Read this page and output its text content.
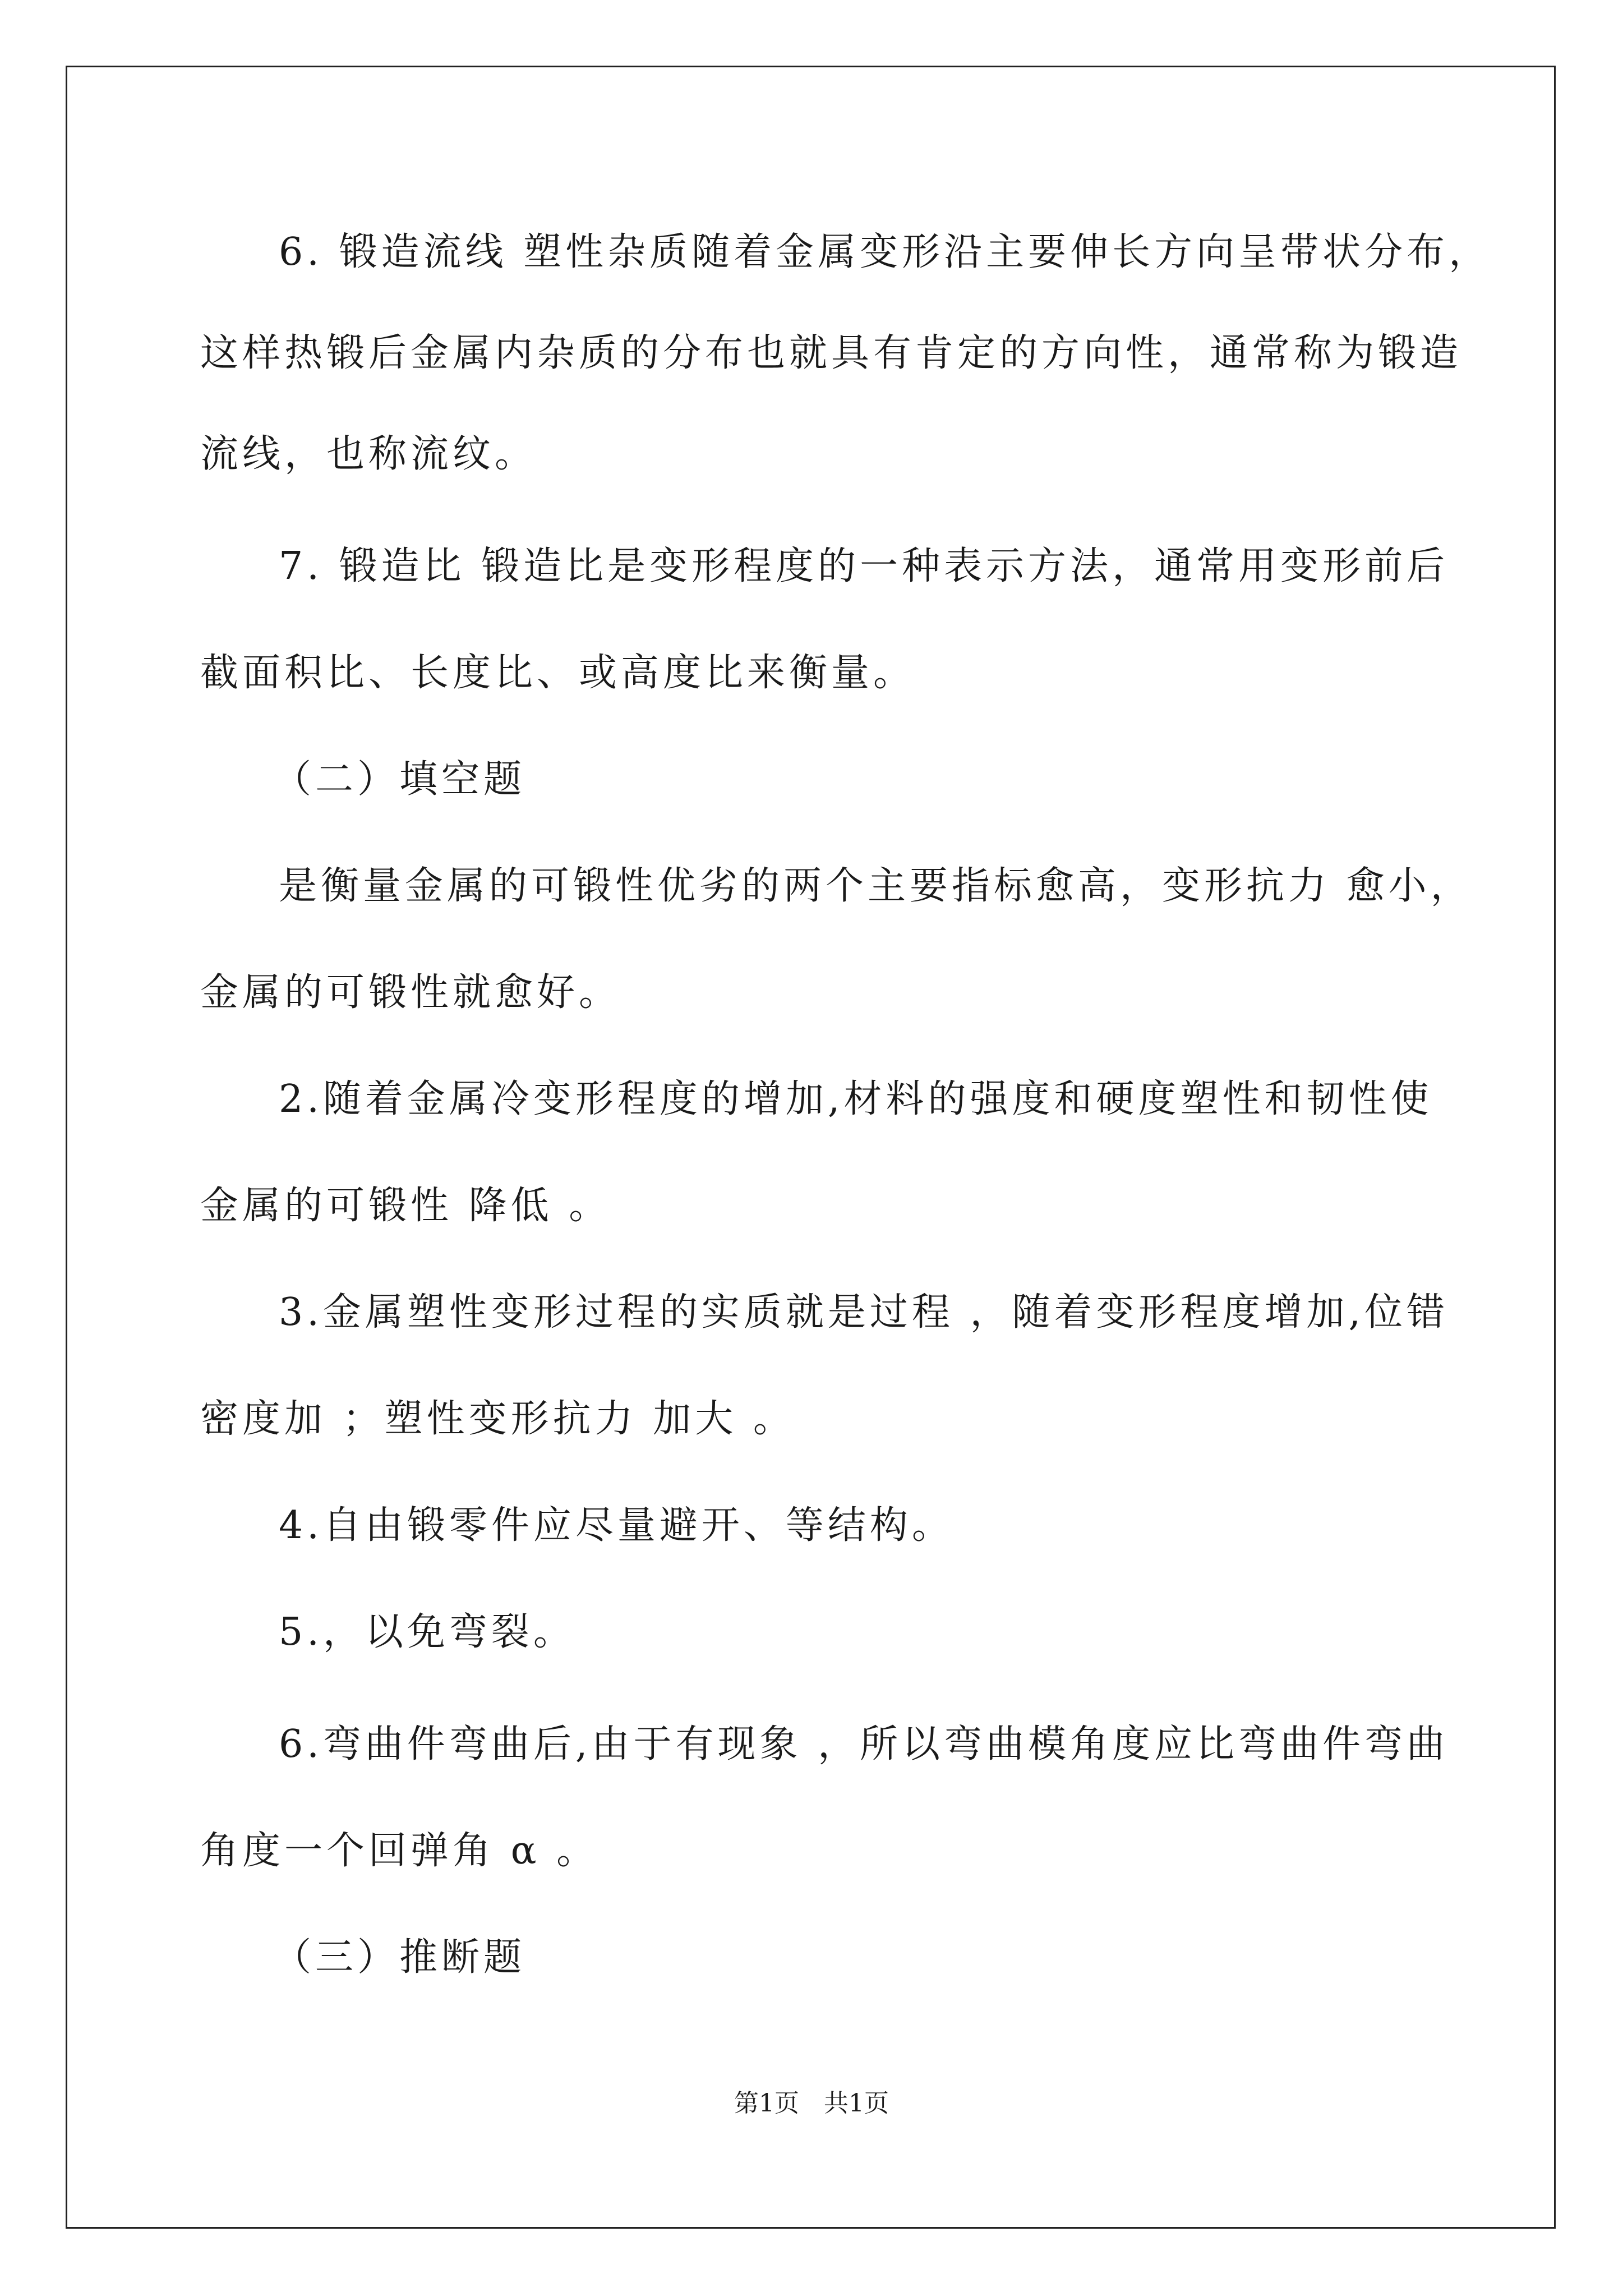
6. 锻造流线 塑性杂质随着金属变形沿主要伸长方向呈带状分布，
这样热锻后金属内杂质的分布也就具有肯定的方向性，通常称为锻造
流线，也称流纹。
7. 锻造比 锻造比是变形程度的一种表示方法，通常用变形前后
截面积比、长度比、或高度比来衡量。
（二）填空题
是衡量金属的可锻性优劣的两个主要指标愈高，变形抗力 愈小，
金属的可锻性就愈好。
2.随着金属冷变形程度的增加,材料的强度和硬度塑性和韧性使
金属的可锻性 降低 。
3.金属塑性变形过程的实质就是过程 ，随着变形程度增加,位错
密度加 ；塑性变形抗力 加大 。
4.自由锻零件应尽量避开、等结构。
5.，以免弯裂。
6.弯曲件弯曲后,由于有现象 ，所以弯曲模角度应比弯曲件弯曲
角度一个回弹角 α 。
（三）推断题
第1页　共1页
